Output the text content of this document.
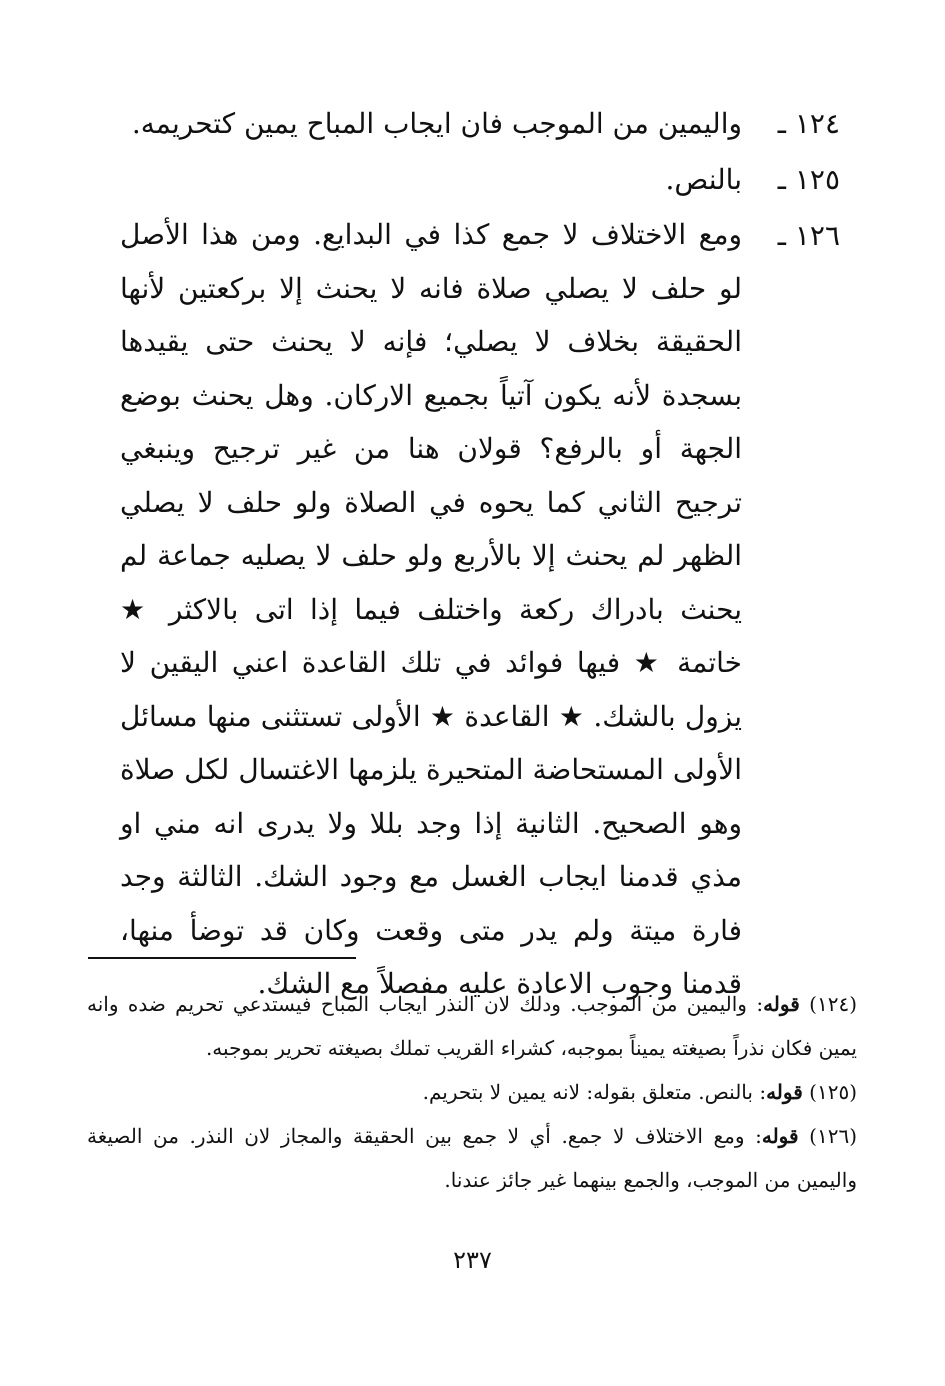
١٢٤ ـ
واليمين من الموجب فان ايجاب المباح يمين كتحريمه.
١٢٥ ـ
بالنص.
١٢٦ ـ
ومع الاختلاف لا جمع كذا في البدايع. ومن هذا الأصل لو حلف لا يصلي صلاة فانه لا يحنث إلا بركعتين لأنها الحقيقة بخلاف لا يصلي؛ فإنه لا يحنث حتى يقيدها بسجدة لأنه يكون آتياً بجميع الاركان. وهل يحنث بوضع الجهة أو بالرفع؟ قولان هنا من غير ترجيح وينبغي ترجيح الثاني كما يحوه في الصلاة ولو حلف لا يصلي الظهر لم يحنث إلا بالأربع ولو حلف لا يصليه جماعة لم يحنث بادراك ركعة واختلف فيما إذا اتى بالاكثر ★ خاتمة ★ فيها فوائد في تلك القاعدة اعني اليقين لا يزول بالشك. ★ القاعدة ★ الأولى تستثنى منها مسائل الأولى المستحاضة المتحيرة يلزمها الاغتسال لكل صلاة وهو الصحيح. الثانية إذا وجد بللا ولا يدرى انه مني او مذي قدمنا ايجاب الغسل مع وجود الشك. الثالثة وجد فارة ميتة ولم يدر متى وقعت وكان قد توضأ منها، قدمنا وجوب الاعادة عليه مفصلاً مع الشك.

(١٢٤) قوله: واليمين من الموجب. ودلك لان النذر ايجاب المباح فيستدعي تحريم ضده وانه يمين فكان نذراً بصيغته يميناً بموجبه، كشراء القريب تملك بصيغته تحرير بموجبه.

(١٢٥) قوله: بالنص. متعلق بقوله: لانه يمين لا بتحريم.

(١٢٦) قوله: ومع الاختلاف لا جمع. أي لا جمع بين الحقيقة والمجاز لان النذر. من الصيغة واليمين من الموجب، والجمع بينهما غير جائز عندنا.

٢٣٧
